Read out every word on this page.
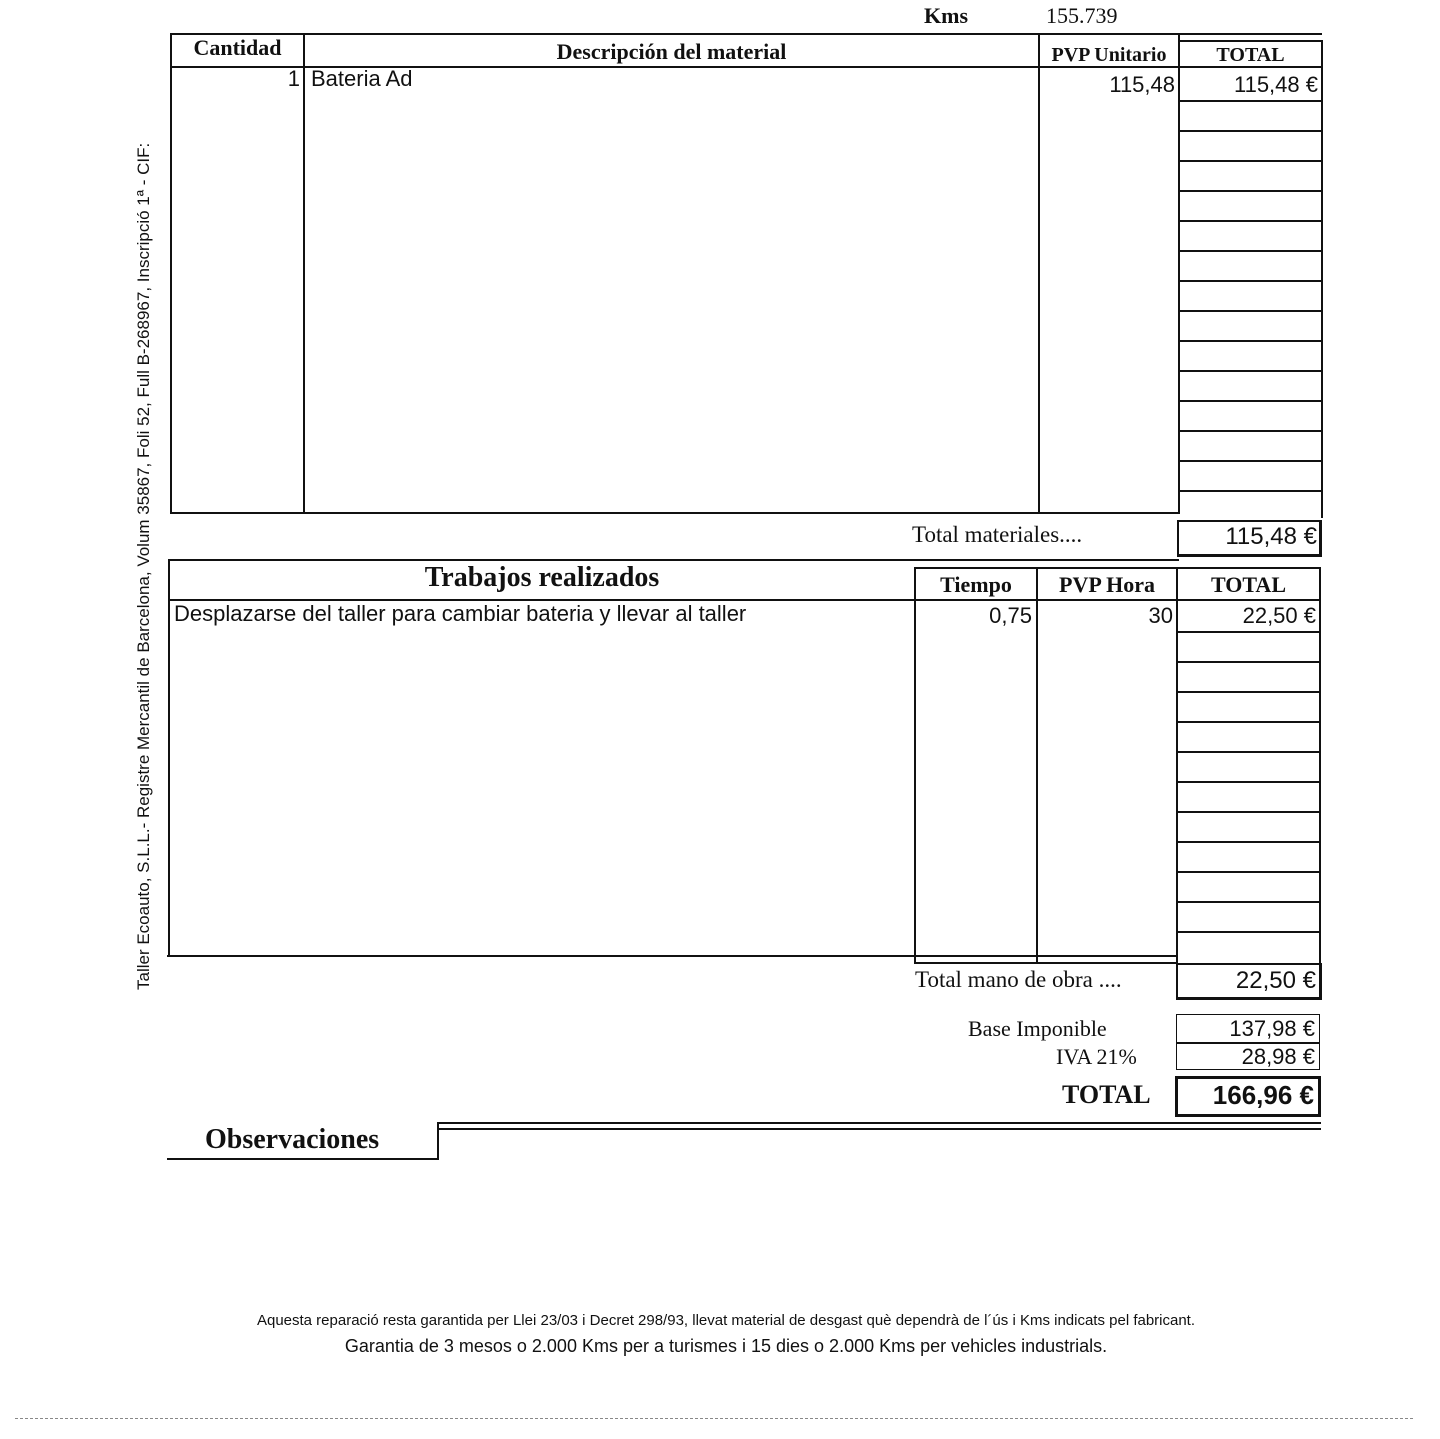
Taller Ecoauto, S.L.L.- Registre Mercantil de Barcelona, Volum 35867, Foli 52, Full B-268967, Inscripció 1ª - CIF:
Kms	155.739
Cantidad	Descripción del material	PVP Unitario	TOTAL
1 Bateria Ad	115,48	115,48 €
Total materiales....	115,48 €
Trabajos realizados	Tiempo	PVP Hora	TOTAL
Desplazarse del taller para cambiar bateria y llevar al taller	0,75	30	22,50 €
Total mano de obra ....	22,50 €
Base Imponible	137,98 €
IVA 21%	28,98 €
TOTAL	166,96 €
Observaciones
Aquesta reparació resta garantida per Llei 23/03 i Decret 298/93, llevat material de desgast què dependrà de l´ús i Kms indicats pel fabricant.
Garantia de 3 mesos o 2.000 Kms per a turismes i 15 dies o 2.000 Kms per vehicles industrials.
